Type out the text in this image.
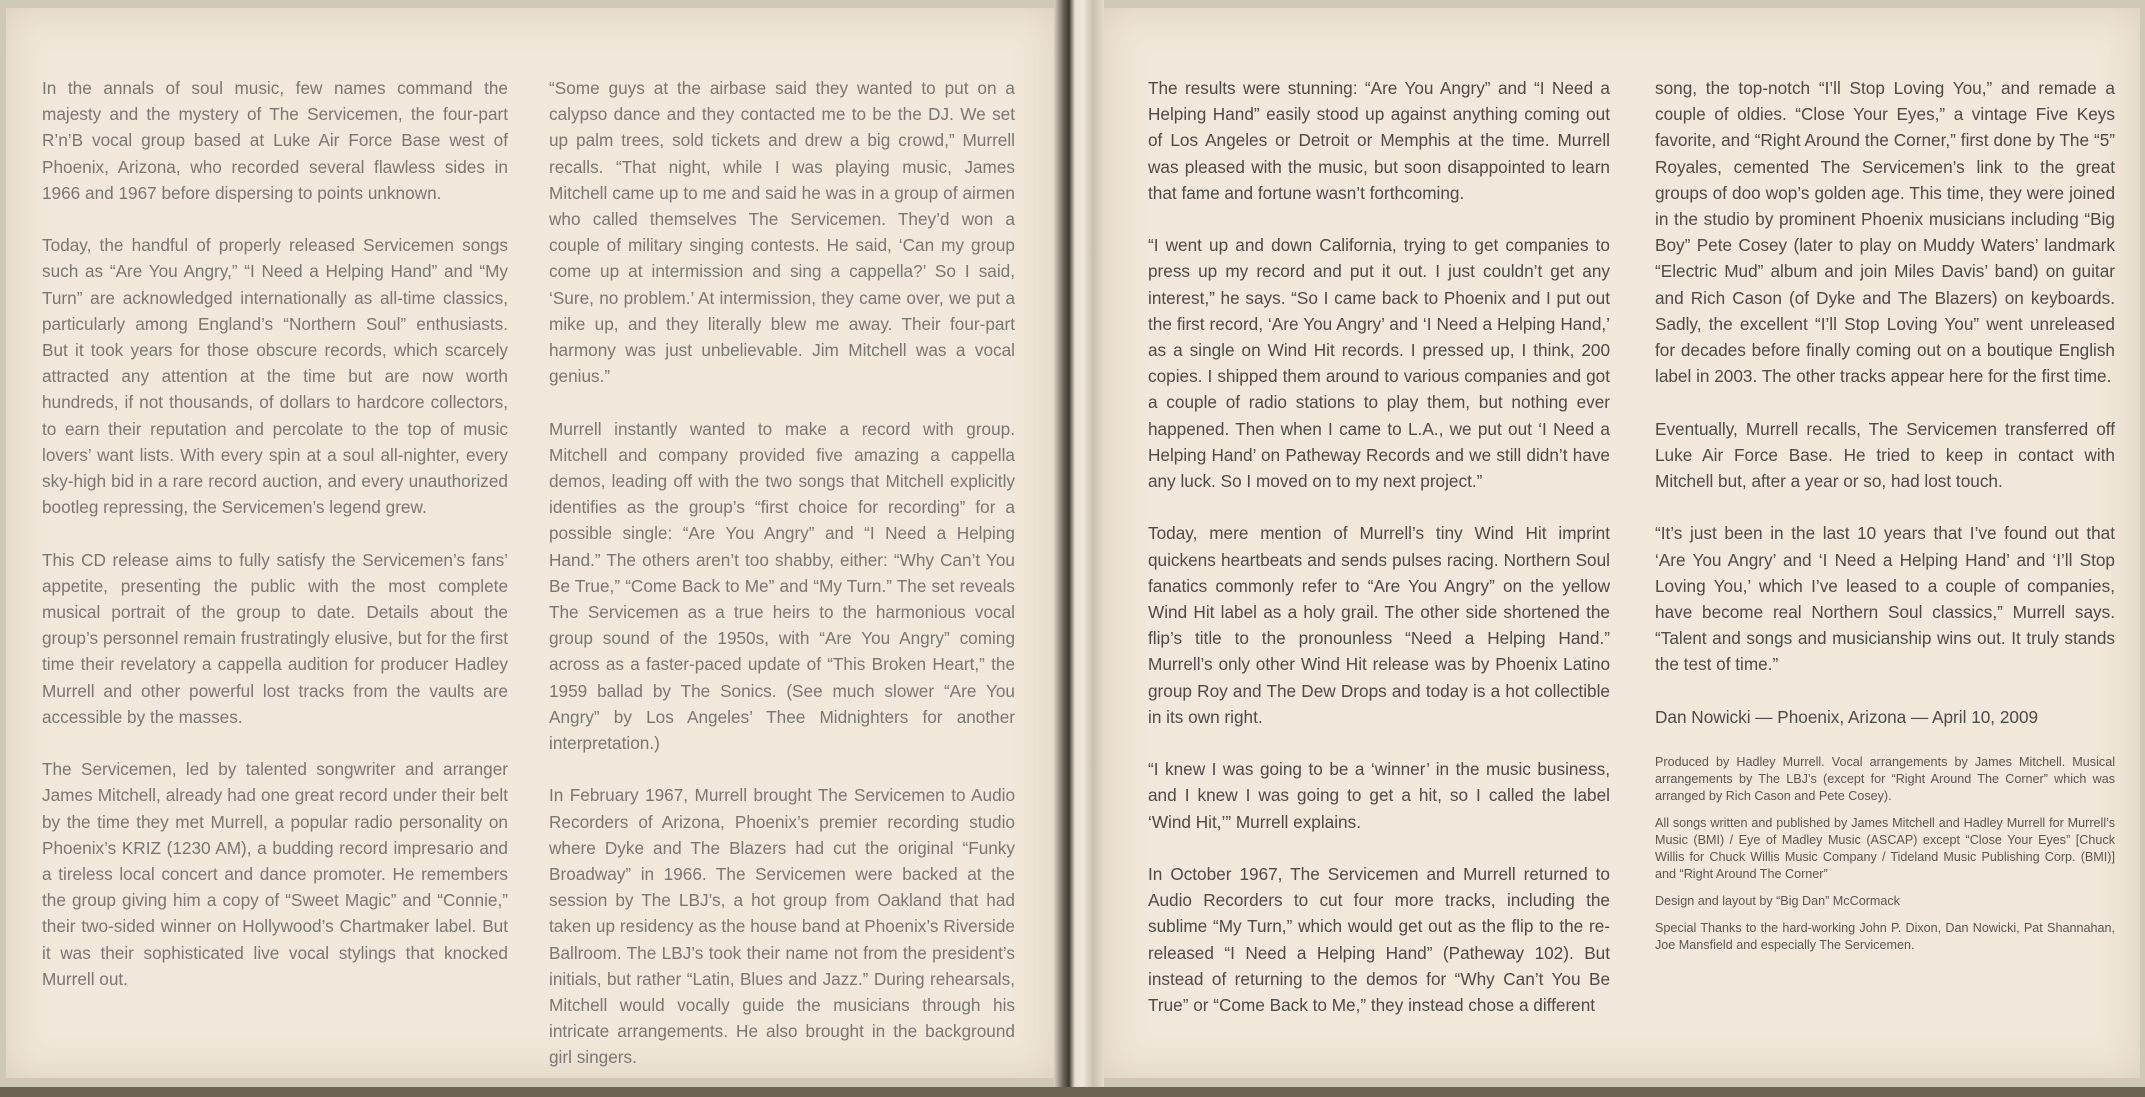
In the annals of soul music, few names command the majesty and the mystery of The Servicemen, the four-part R’n’B vocal group based at Luke Air Force Base west of Phoenix, Arizona, who recorded several flawless sides in 1966 and 1967 before dispersing to points unknown.

Today, the handful of properly released Servicemen songs such as “Are You Angry,” “I Need a Helping Hand” and “My Turn” are acknowledged internationally as all-time classics, particularly among England’s “Northern Soul” enthusiasts. But it took years for those obscure records, which scarcely attracted any attention at the time but are now worth hundreds, if not thousands, of dollars to hardcore collectors, to earn their reputation and percolate to the top of music lovers’ want lists. With every spin at a soul all-nighter, every sky-high bid in a rare record auction, and every unauthorized bootleg repressing, the Servicemen’s legend grew.

This CD release aims to fully satisfy the Servicemen’s fans’ appetite, presenting the public with the most complete musical portrait of the group to date. Details about the group’s personnel remain frustratingly elusive, but for the first time their revelatory a cappella audition for producer Hadley Murrell and other powerful lost tracks from the vaults are accessible by the masses.

The Servicemen, led by talented songwriter and arranger James Mitchell, already had one great record under their belt by the time they met Murrell, a popular radio personality on Phoenix’s KRIZ (1230 AM), a budding record impresario and a tireless local concert and dance promoter. He remembers the group giving him a copy of “Sweet Magic” and “Connie,” their two-sided winner on Hollywood’s Chartmaker label. But it was their sophisticated live vocal stylings that knocked Murrell out.

“Some guys at the airbase said they wanted to put on a calypso dance and they contacted me to be the DJ. We set up palm trees, sold tickets and drew a big crowd,” Murrell recalls. “That night, while I was playing music, James Mitchell came up to me and said he was in a group of airmen who called themselves The Servicemen. They’d won a couple of military singing contests. He said, ‘Can my group come up at intermission and sing a cappella?’ So I said, ‘Sure, no problem.’ At intermission, they came over, we put a mike up, and they literally blew me away. Their four-part harmony was just unbelievable. Jim Mitchell was a vocal genius.”

Murrell instantly wanted to make a record with group. Mitchell and company provided five amazing a cappella demos, leading off with the two songs that Mitchell explicitly identifies as the group’s “first choice for recording” for a possible single: “Are You Angry” and “I Need a Helping Hand.” The others aren’t too shabby, either: “Why Can’t You Be True,” “Come Back to Me” and “My Turn.” The set reveals The Servicemen as a true heirs to the harmonious vocal group sound of the 1950s, with “Are You Angry” coming across as a faster-paced update of “This Broken Heart,” the 1959 ballad by The Sonics. (See much slower “Are You Angry” by Los Angeles’ Thee Midnighters for another interpretation.)

In February 1967, Murrell brought The Servicemen to Audio Recorders of Arizona, Phoenix’s premier recording studio where Dyke and The Blazers had cut the original “Funky Broadway” in 1966. The Servicemen were backed at the session by The LBJ’s, a hot group from Oakland that had taken up residency as the house band at Phoenix’s Riverside Ballroom. The LBJ’s took their name not from the president’s initials, but rather “Latin, Blues and Jazz.” During rehearsals, Mitchell would vocally guide the musicians through his intricate arrangements. He also brought in the background girl singers.

The results were stunning: “Are You Angry” and “I Need a Helping Hand” easily stood up against anything coming out of Los Angeles or Detroit or Memphis at the time. Murrell was pleased with the music, but soon disappointed to learn that fame and fortune wasn’t forthcoming.

“I went up and down California, trying to get companies to press up my record and put it out. I just couldn’t get any interest,” he says. “So I came back to Phoenix and I put out the first record, ‘Are You Angry’ and ‘I Need a Helping Hand,’ as a single on Wind Hit records. I pressed up, I think, 200 copies. I shipped them around to various companies and got a couple of radio stations to play them, but nothing ever happened. Then when I came to L.A., we put out ‘I Need a Helping Hand’ on Patheway Records and we still didn’t have any luck. So I moved on to my next project.”

Today, mere mention of Murrell’s tiny Wind Hit imprint quickens heartbeats and sends pulses racing. Northern Soul fanatics commonly refer to “Are You Angry” on the yellow Wind Hit label as a holy grail. The other side shortened the flip’s title to the pronounless “Need a Helping Hand.” Murrell’s only other Wind Hit release was by Phoenix Latino group Roy and The Dew Drops and today is a hot collectible in its own right.

“I knew I was going to be a ‘winner’ in the music business, and I knew I was going to get a hit, so I called the label ‘Wind Hit,’” Murrell explains.

In October 1967, The Servicemen and Murrell returned to Audio Recorders to cut four more tracks, including the sublime “My Turn,” which would get out as the flip to the re-released “I Need a Helping Hand” (Patheway 102). But instead of returning to the demos for “Why Can’t You Be True” or “Come Back to Me,” they instead chose a different

song, the top-notch “I’ll Stop Loving You,” and remade a couple of oldies. “Close Your Eyes,” a vintage Five Keys favorite, and “Right Around the Corner,” first done by The “5” Royales, cemented The Servicemen’s link to the great groups of doo wop’s golden age. This time, they were joined in the studio by prominent Phoenix musicians including “Big Boy” Pete Cosey (later to play on Muddy Waters’ landmark “Electric Mud” album and join Miles Davis’ band) on guitar and Rich Cason (of Dyke and The Blazers) on keyboards. Sadly, the excellent “I’ll Stop Loving You” went unreleased for decades before finally coming out on a boutique English label in 2003. The other tracks appear here for the first time.

Eventually, Murrell recalls, The Servicemen transferred off Luke Air Force Base. He tried to keep in contact with Mitchell but, after a year or so, had lost touch.

“It’s just been in the last 10 years that I’ve found out that ‘Are You Angry’ and ‘I Need a Helping Hand’ and ‘I’ll Stop Loving You,’ which I’ve leased to a couple of companies, have become real Northern Soul classics,” Murrell says. “Talent and songs and musicianship wins out. It truly stands the test of time.”

Dan Nowicki — Phoenix, Arizona — April 10, 2009

Produced by Hadley Murrell. Vocal arrangements by James Mitchell. Musical arrangements by The LBJ’s (except for “Right Around The Corner” which was arranged by Rich Cason and Pete Cosey).

All songs written and published by James Mitchell and Hadley Murrell for Murrell’s Music (BMI) / Eye of Madley Music (ASCAP) except “Close Your Eyes” [Chuck Willis for Chuck Willis Music Company / Tideland Music Publishing Corp. (BMI)] and “Right Around The Corner”

Design and layout by “Big Dan” McCormack

Special Thanks to the hard-working John P. Dixon, Dan Nowicki, Pat Shannahan, Joe Mansfield and especially The Servicemen.
